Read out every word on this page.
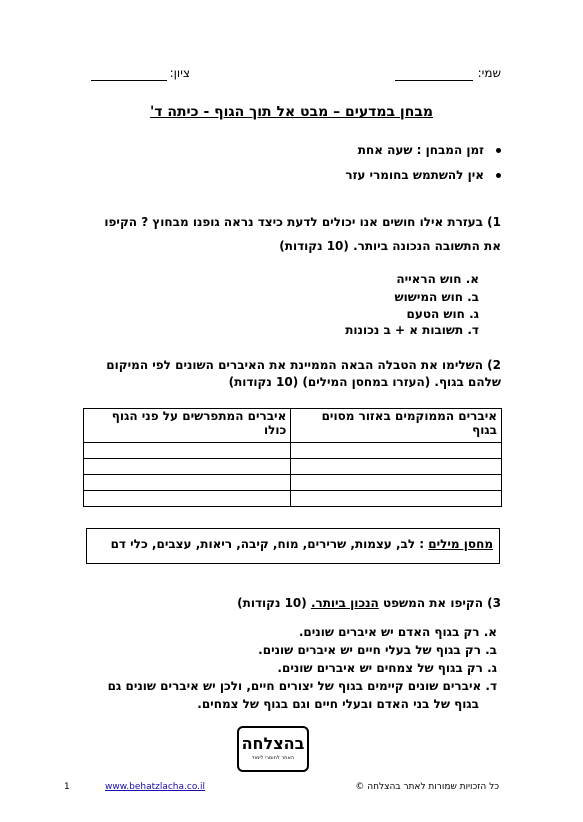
שמי:
ציון:
מבחן במדעים – מבט אל תוך הגוף - כיתה ד'
זמן המבחן : שעה אחת
אין להשתמש בחומרי עזר
1) בעזרת אילו חושים אנו יכולים לדעת כיצד נראה גופנו מבחוץ ? הקיפו
את התשובה הנכונה ביותר. (10 נקודות)
א. חוש הראייה
ב. חוש המישוש
ג. חוש הטעם
ד. תשובות א + ב נכונות
2) השלימו את הטבלה הבאה הממיינת את האיברים השונים לפי המיקום
שלהם בגוף. (העזרו במחסן המילים) (10 נקודות)
איברים הממוקמים באזור מסוים בגוף	איברים המתפרשים על פני הגוף כולו

מחסן מילים : לב, עצמות, שרירים, מוח, קיבה, ריאות, עצבים, כלי דם
3) הקיפו את המשפט הנכון ביותר. (10 נקודות)
א. רק בגוף האדם יש איברים שונים.
ב. רק בגוף של בעלי חיים יש איברים שונים.
ג. רק בגוף של צמחים יש איברים שונים.
ד. איברים שונים קיימים בגוף של יצורים חיים, ולכן יש איברים שונים גם
בגוף של בני האדם ובעלי חיים וגם בגוף של צמחים.
בהצלחה
האתר לחומרי לימוד
כל הזכויות שמורות לאתר בהצלחה ©
www.behatzlacha.co.il
1
